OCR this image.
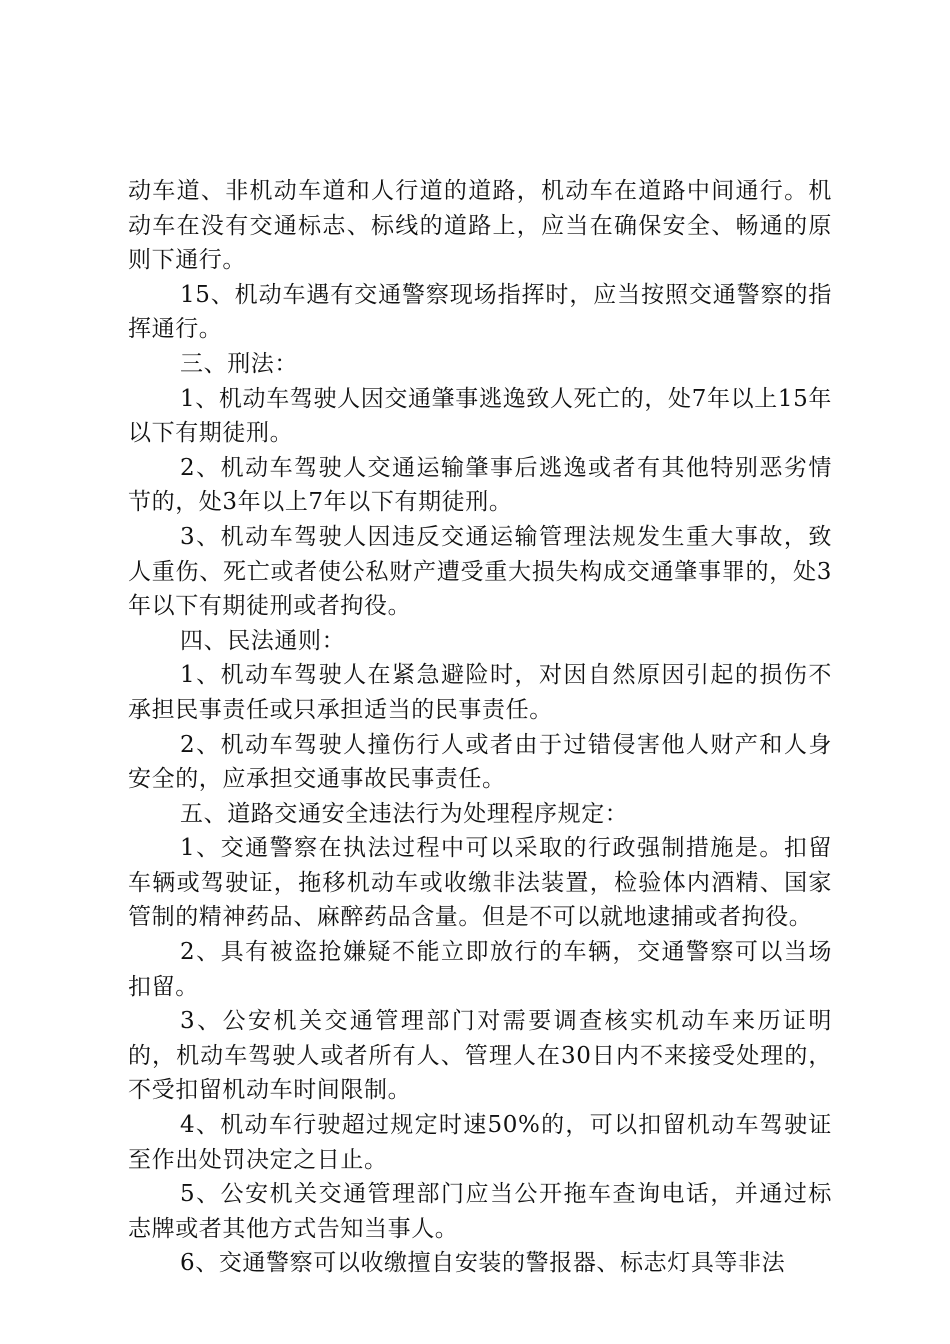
动车道、非机动车道和人行道的道路，机动车在道路中间通行。机动车在没有交通标志、标线的道路上，应当在确保安全、畅通的原则下通行。

15、机动车遇有交通警察现场指挥时，应当按照交通警察的指挥通行。

三、刑法：

1、机动车驾驶人因交通肇事逃逸致人死亡的，处7年以上15年以下有期徒刑。

2、机动车驾驶人交通运输肇事后逃逸或者有其他特别恶劣情节的，处3年以上7年以下有期徒刑。

3、机动车驾驶人因违反交通运输管理法规发生重大事故，致人重伤、死亡或者使公私财产遭受重大损失构成交通肇事罪的，处3年以下有期徒刑或者拘役。

四、民法通则：

1、机动车驾驶人在紧急避险时，对因自然原因引起的损伤不承担民事责任或只承担适当的民事责任。

2、机动车驾驶人撞伤行人或者由于过错侵害他人财产和人身安全的，应承担交通事故民事责任。

五、道路交通安全违法行为处理程序规定：

1、交通警察在执法过程中可以采取的行政强制措施是。扣留车辆或驾驶证，拖移机动车或收缴非法装置，检验体内酒精、国家管制的精神药品、麻醉药品含量。但是不可以就地逮捕或者拘役。

2、具有被盗抢嫌疑不能立即放行的车辆，交通警察可以当场扣留。

3、公安机关交通管理部门对需要调查核实机动车来历证明的，机动车驾驶人或者所有人、管理人在30日内不来接受处理的，不受扣留机动车时间限制。

4、机动车行驶超过规定时速50%的，可以扣留机动车驾驶证至作出处罚决定之日止。

5、公安机关交通管理部门应当公开拖车查询电话，并通过标志牌或者其他方式告知当事人。

6、交通警察可以收缴擅自安装的警报器、标志灯具等非法
